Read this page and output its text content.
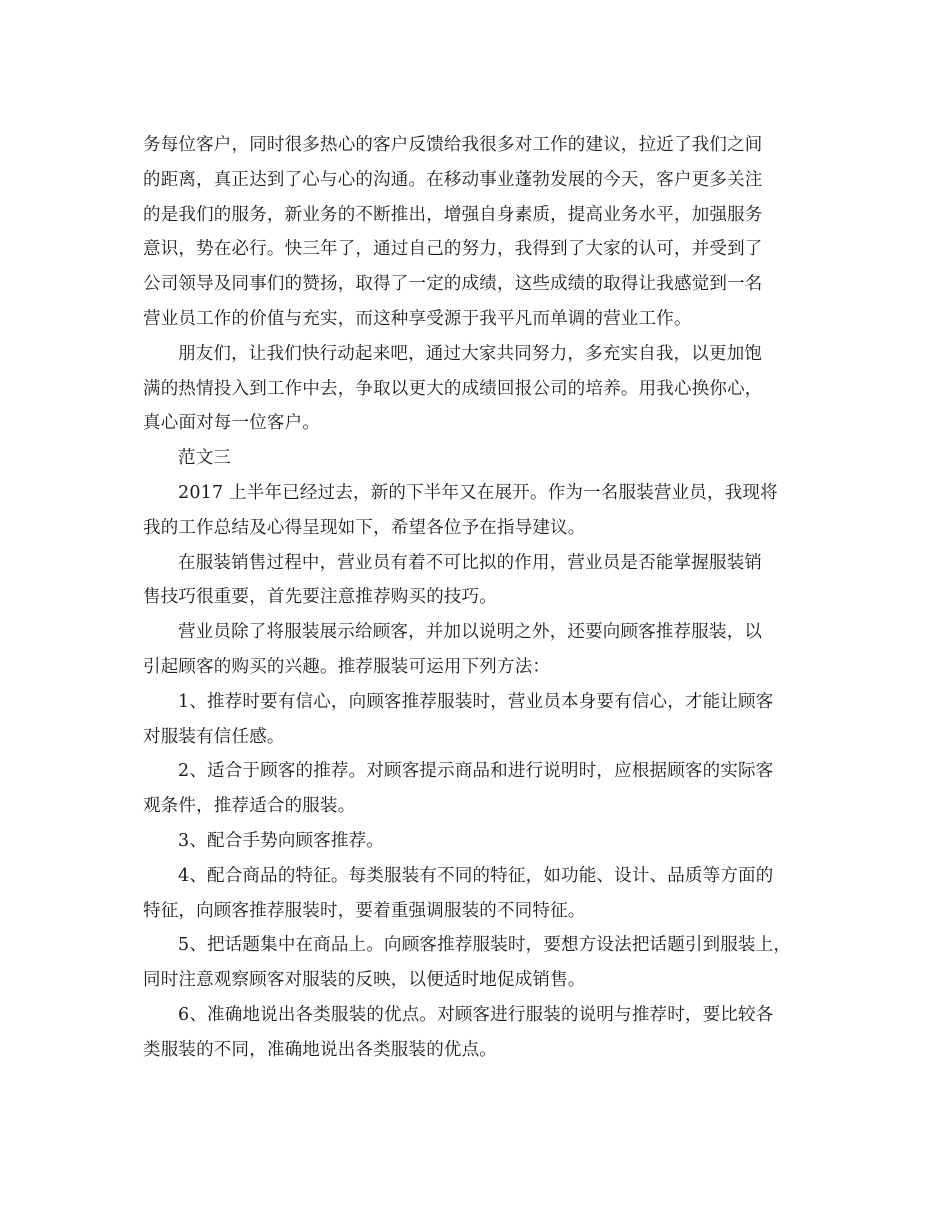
务每位客户，同时很多热心的客户反馈给我很多对工作的建议，拉近了我们之间
的距离，真正达到了心与心的沟通。在移动事业蓬勃发展的今天，客户更多关注
的是我们的服务，新业务的不断推出，增强自身素质，提高业务水平，加强服务
意识，势在必行。快三年了，通过自己的努力，我得到了大家的认可，并受到了
公司领导及同事们的赞扬，取得了一定的成绩，这些成绩的取得让我感觉到一名
营业员工作的价值与充实，而这种享受源于我平凡而单调的营业工作。
朋友们，让我们快行动起来吧，通过大家共同努力，多充实自我，以更加饱
满的热情投入到工作中去，争取以更大的成绩回报公司的培养。用我心换你心，
真心面对每一位客户。
范文三
2017 上半年已经过去，新的下半年又在展开。作为一名服装营业员，我现将
我的工作总结及心得呈现如下，希望各位予在指导建议。
在服装销售过程中，营业员有着不可比拟的作用，营业员是否能掌握服装销
售技巧很重要，首先要注意推荐购买的技巧。
营业员除了将服装展示给顾客，并加以说明之外，还要向顾客推荐服装，以
引起顾客的购买的兴趣。推荐服装可运用下列方法：
1、推荐时要有信心，向顾客推荐服装时，营业员本身要有信心，才能让顾客
对服装有信任感。
2、适合于顾客的推荐。对顾客提示商品和进行说明时，应根据顾客的实际客
观条件，推荐适合的服装。
3、配合手势向顾客推荐。
4、配合商品的特征。每类服装有不同的特征，如功能、设计、品质等方面的
特征，向顾客推荐服装时，要着重强调服装的不同特征。
5、把话题集中在商品上。向顾客推荐服装时，要想方设法把话题引到服装上，
同时注意观察顾客对服装的反映，以便适时地促成销售。
6、准确地说出各类服装的优点。对顾客进行服装的说明与推荐时，要比较各
类服装的不同，准确地说出各类服装的优点。
